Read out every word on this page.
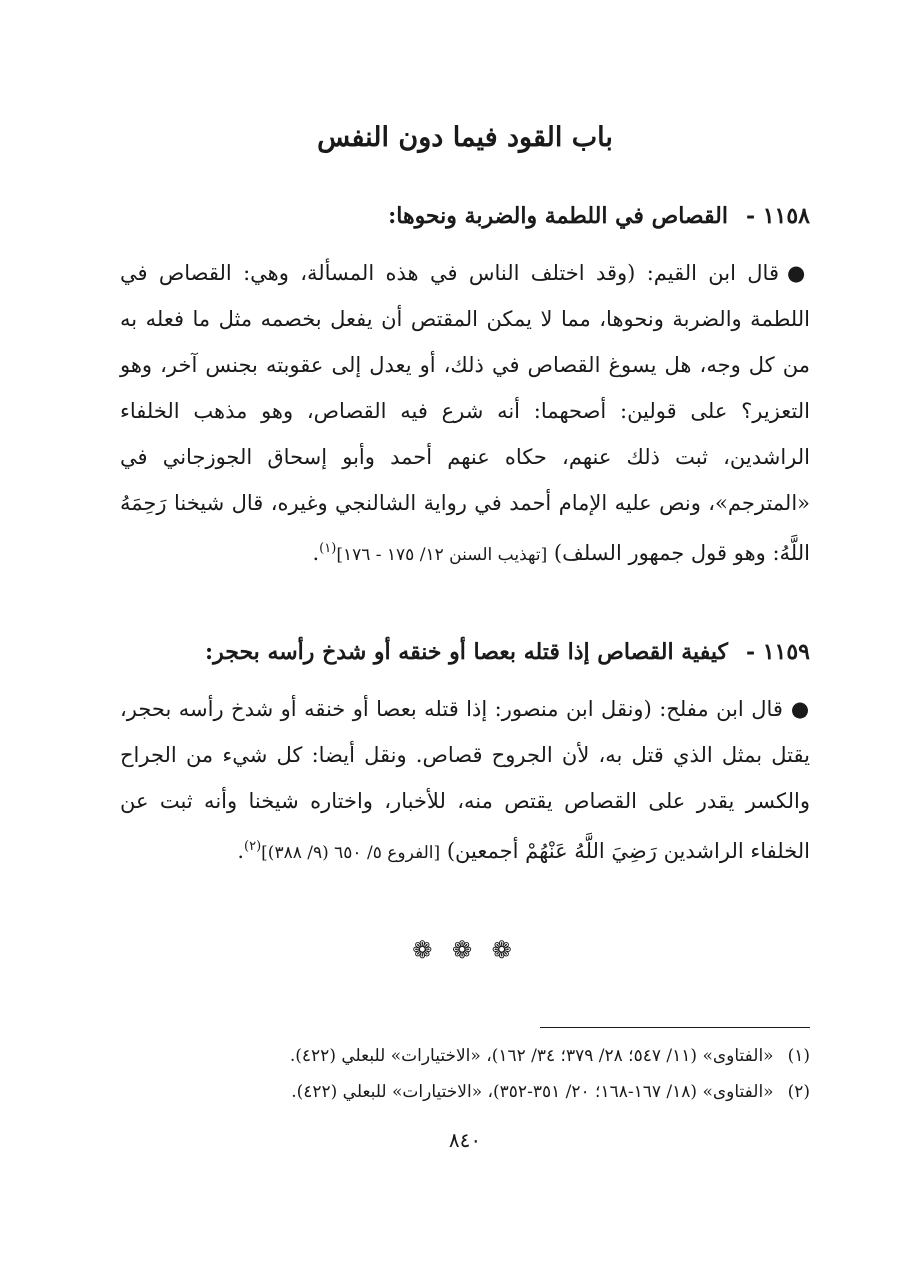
باب القود فيما دون النفس
١١٥٨ -القصاص في اللطمة والضربة ونحوها:

●قال ابن القيم: (وقد اختلف الناس في هذه المسألة، وهي: القصاص في اللطمة والضربة ونحوها، مما لا يمكن المقتص أن يفعل بخصمه مثل ما فعله به من كل وجه، هل يسوغ القصاص في ذلك، أو يعدل إلى عقوبته بجنس آخر، وهو التعزير؟ على قولين: أصحهما: أنه شرع فيه القصاص، وهو مذهب الخلفاء الراشدين، ثبت ذلك عنهم، حكاه عنهم أحمد وأبو إسحاق الجوزجاني في «المترجم»، ونص عليه الإمام أحمد في رواية الشالنجي وغيره، قال شيخنا رَحِمَهُ اللَّهُ: وهو قول جمهور السلف) [تهذيب السنن ١٢/ ١٧٥ - ١٧٦]$^{(١)}$.

١١٥٩ -كيفية القصاص إذا قتله بعصا أو خنقه أو شدخ رأسه بحجر:

●قال ابن مفلح: (ونقل ابن منصور: إذا قتله بعصا أو خنقه أو شدخ رأسه بحجر، يقتل بمثل الذي قتل به، لأن الجروح قصاص. ونقل أيضا: كل شيء من الجراح والكسر يقدر على القصاص يقتص منه، للأخبار، واختاره شيخنا وأنه ثبت عن الخلفاء الراشدين رَضِيَ اللَّهُ عَنْهُمْ أجمعين) [الفروع ٥/ ٦٥٠ (٩/ ٣٨٨)]$^{(٢)}$.

❁ ❁ ❁

(١)«الفتاوى» (١١/ ٥٤٧؛ ٢٨/ ٣٧٩؛ ٣٤/ ١٦٢)، «الاختيارات» للبعلي (٤٢٢).

(٢)«الفتاوى» (١٨/ ١٦٧-١٦٨؛ ٢٠/ ٣٥١-٣٥٢)، «الاختيارات» للبعلي (٤٢٢).

٨٤٠
